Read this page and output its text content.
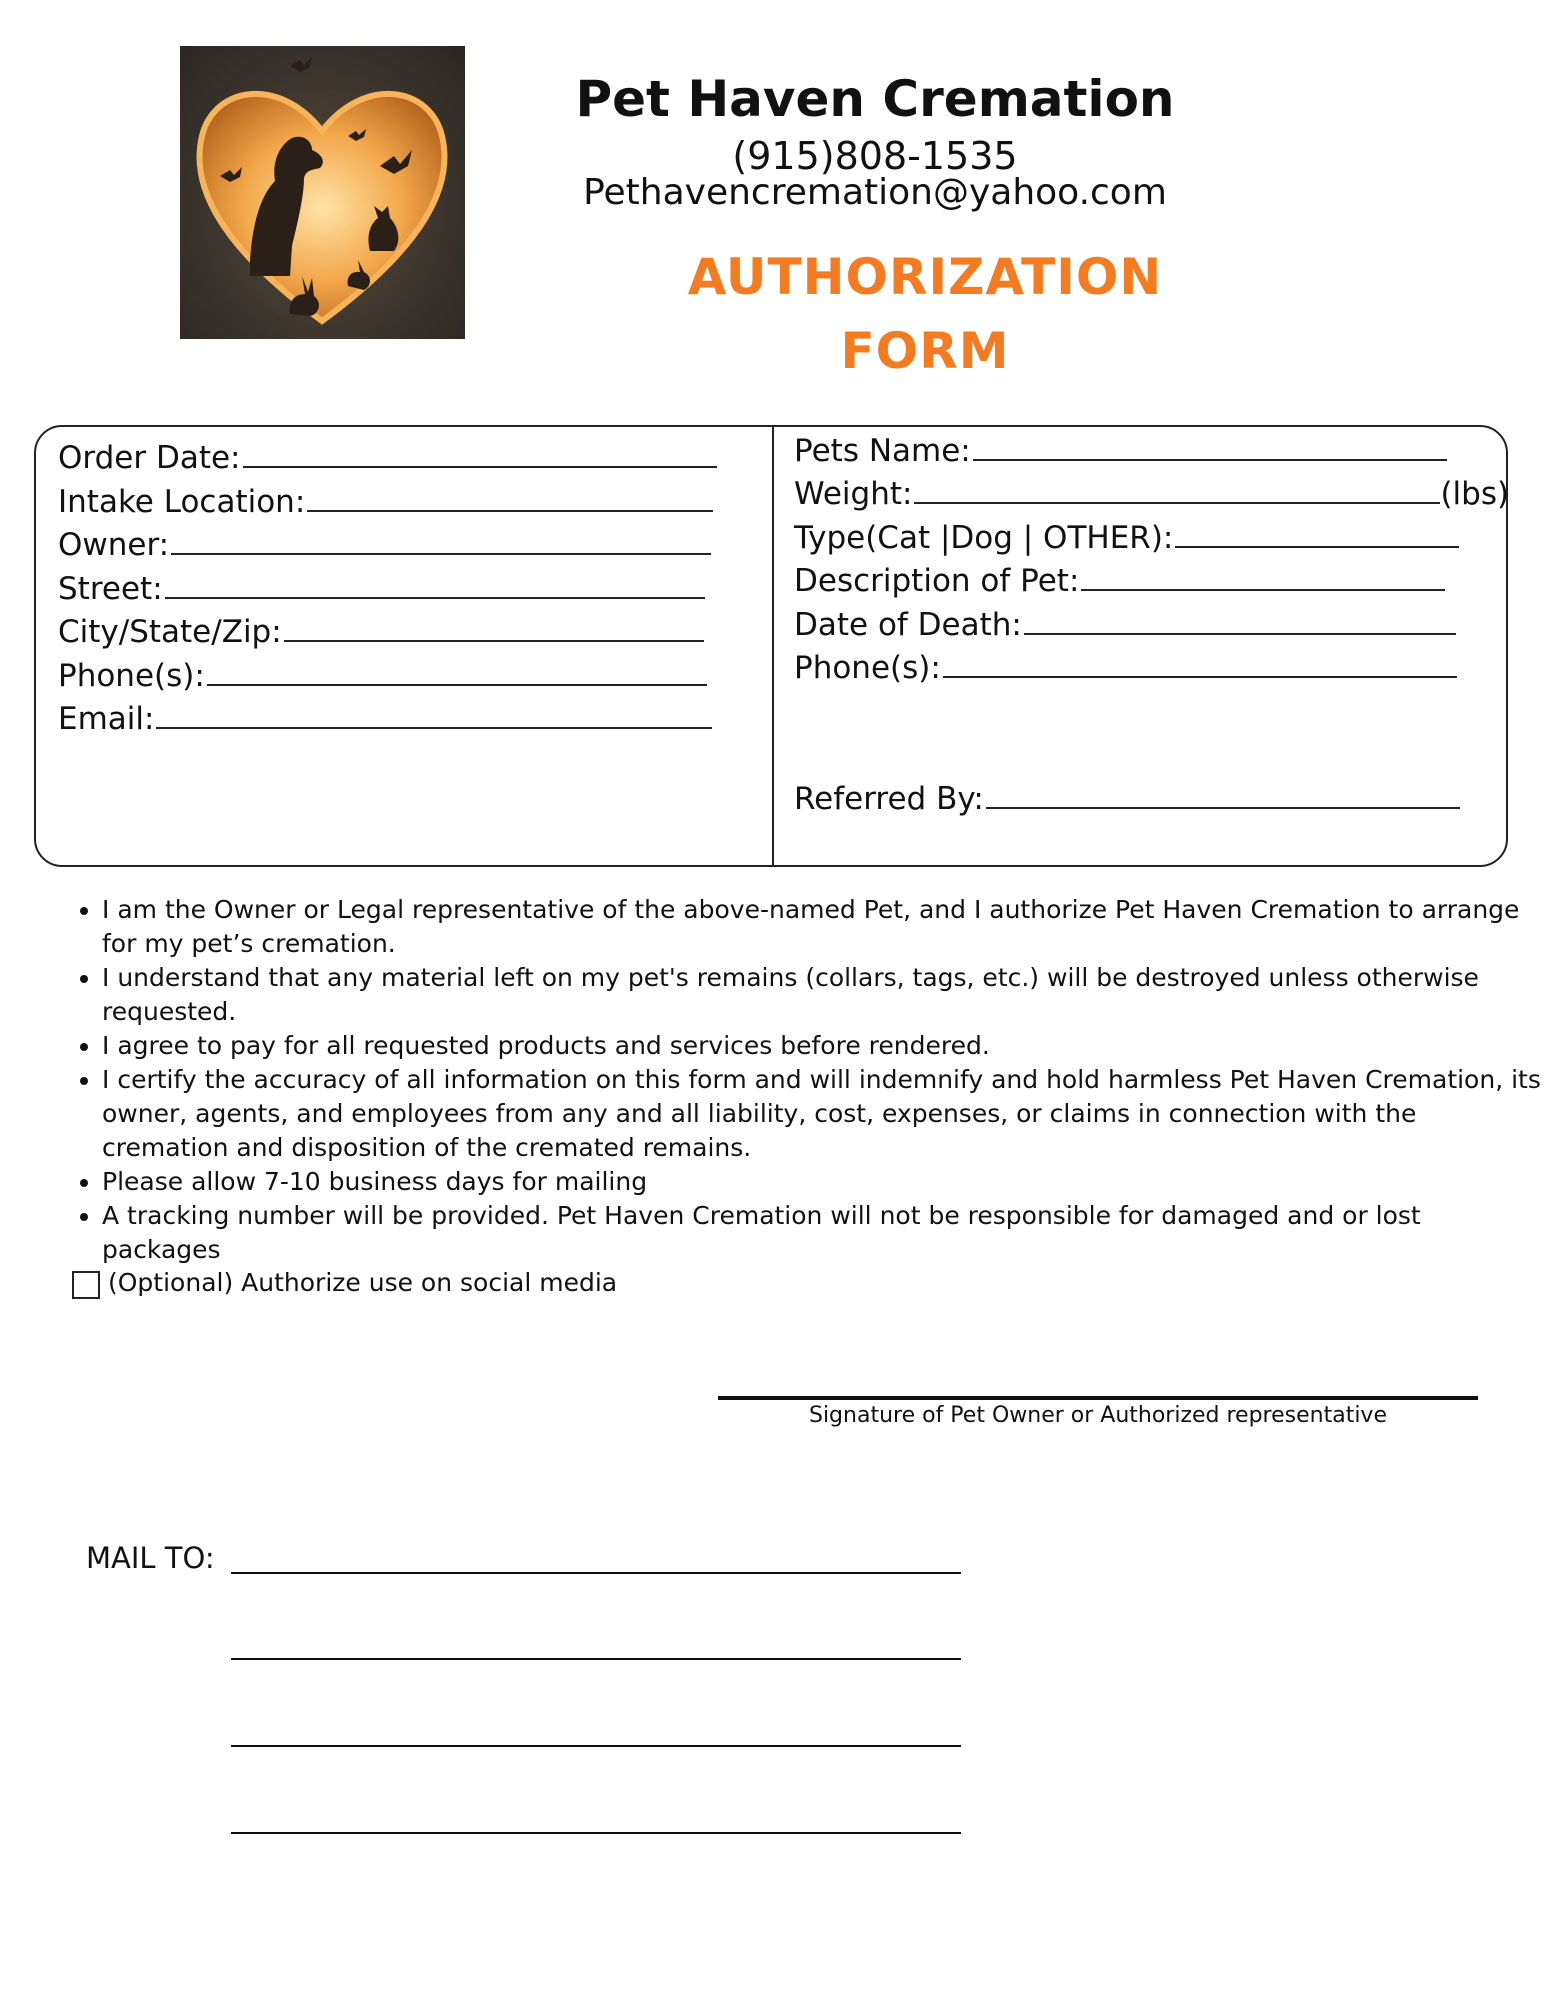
Pet Haven Cremation
(915)808-1535
Pethavencremation@yahoo.com
AUTHORIZATION
FORM
Order Date:
Intake Location:
Owner:
Street:
City/State/Zip:
Phone(s):
Email:
Pets Name:
Weight:	(lbs)
Type(Cat |Dog | OTHER):
Description of Pet:
Date of Death:
Phone(s):
Referred By:
• I am the Owner or Legal representative of the above-named Pet, and I authorize Pet Haven Cremation to arrange for my pet’s cremation.
• I understand that any material left on my pet's remains (collars, tags, etc.) will be destroyed unless otherwise requested.
• I agree to pay for all requested products and services before rendered.
• I certify the accuracy of all information on this form and will indemnify and hold harmless Pet Haven Cremation, its owner, agents, and employees from any and all liability, cost, expenses, or claims in connection with the cremation and disposition of the cremated remains.
• Please allow 7-10 business days for mailing
• A tracking number will be provided. Pet Haven Cremation will not be responsible for damaged and or lost packages
(Optional) Authorize use on social media
Signature of Pet Owner or Authorized representative
MAIL TO:
